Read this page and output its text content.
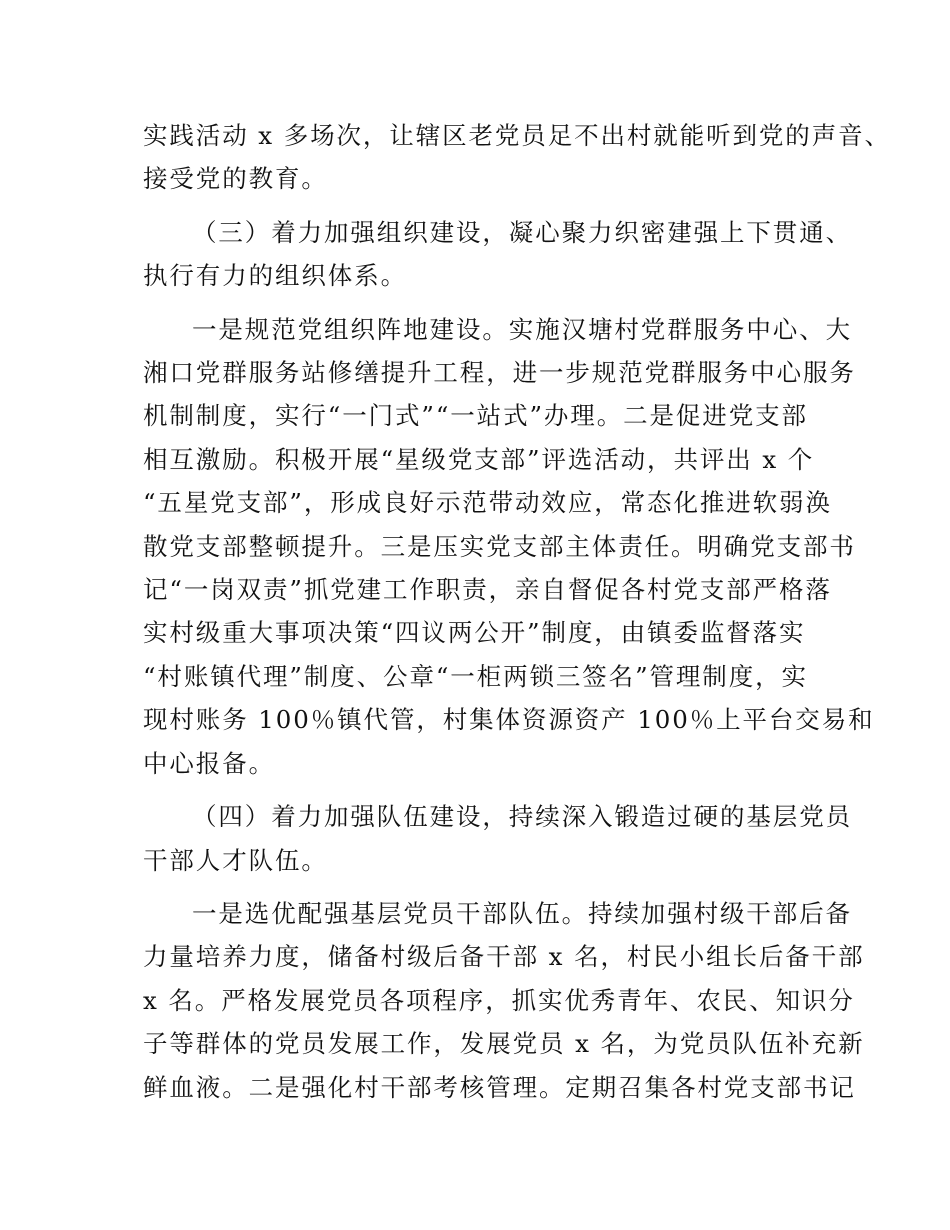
实践活动 x 多场次，让辖区老党员足不出村就能听到党的声音、
接受党的教育。

（三）着力加强组织建设，凝心聚力织密建强上下贯通、
执行有力的组织体系。

一是规范党组织阵地建设。实施汉塘村党群服务中心、大
湘口党群服务站修缮提升工程，进一步规范党群服务中心服务
机制制度，实行“一门式”“一站式”办理。二是促进党支部
相互激励。积极开展“星级党支部”评选活动，共评出 x 个
“五星党支部”，形成良好示范带动效应，常态化推进软弱涣
散党支部整顿提升。三是压实党支部主体责任。明确党支部书
记“一岗双责”抓党建工作职责，亲自督促各村党支部严格落
实村级重大事项决策“四议两公开”制度，由镇委监督落实
“村账镇代理”制度、公章“一柜两锁三签名”管理制度，实
现村账务 100％镇代管，村集体资源资产 100％上平台交易和
中心报备。

（四）着力加强队伍建设，持续深入锻造过硬的基层党员
干部人才队伍。

一是选优配强基层党员干部队伍。持续加强村级干部后备
力量培养力度，储备村级后备干部 x 名，村民小组长后备干部
x 名。严格发展党员各项程序，抓实优秀青年、农民、知识分
子等群体的党员发展工作，发展党员 x 名，为党员队伍补充新
鲜血液。二是强化村干部考核管理。定期召集各村党支部书记
